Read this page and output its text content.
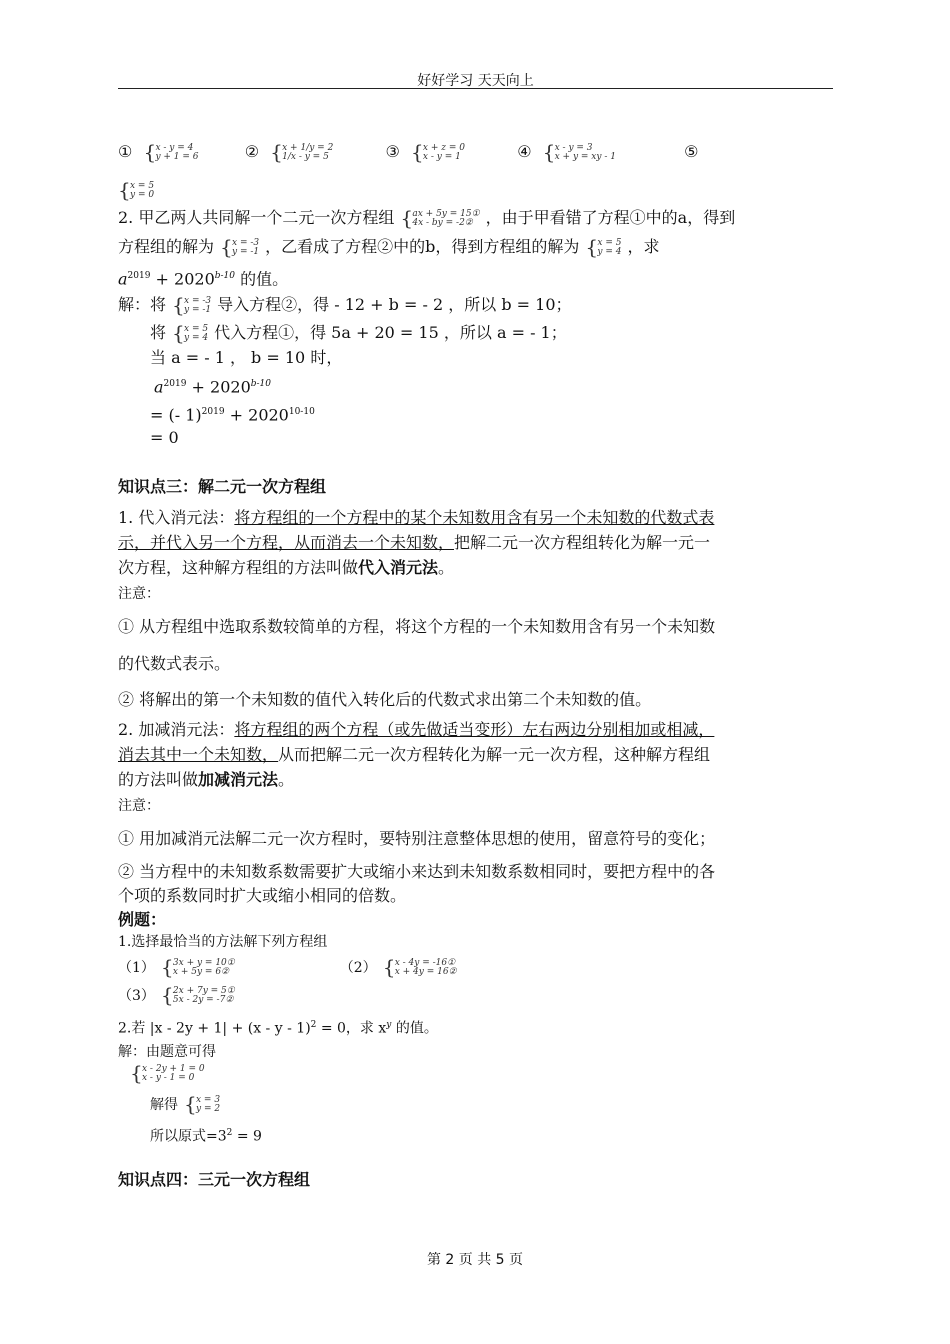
好好学习 天天向上
①	{ x - y = 4
y + 1 = 6	②	{ x + 1/y = 2
1/x - y = 5	③	{ x + z = 0
x - y = 1	④	{ x - y = 3
x + y = xy - 1	⑤
{ x = 5
y = 0
2. 甲乙两人共同解一个二元一次方程组 { ax + 5y = 15①
4x - by = -2② ，由于甲看错了方程①中的a，得到
方程组的解为 { x = -3
y = -1 ，乙看成了方程②中的b，得到方程组的解为 { x = 5
y = 4 ，求
$a^{2019} + 2020^{b-10}$ 的值。
解：将 { x = -3
y = -1 导入方程②，得 - 12 + b = - 2 ，所以 b = 10；
将 { x = 5
y = 4 代入方程①，得 5a + 20 = 15 ，所以 a = - 1；
当 a = - 1 ， b = 10 时，
$a^{2019} + 2020^{b-10}$
= (- $1)^{2019} + 2020^{10-10}$
= 0
知识点三：解二元一次方程组
1. 代入消元法：将方程组的一个方程中的某个未知数用含有另一个未知数的代数式表
示，并代入另一个方程，从而消去一个未知数，把解二元一次方程组转化为解一元一
次方程，这种解方程组的方法叫做代入消元法。
注意：
① 从方程组中选取系数较简单的方程，将这个方程的一个未知数用含有另一个未知数
的代数式表示。
② 将解出的第一个未知数的值代入转化后的代数式求出第二个未知数的值。
2. 加减消元法：将方程组的两个方程（或先做适当变形）左右两边分别相加或相减，
消去其中一个未知数，从而把解二元一次方程转化为解一元一次方程，这种解方程组
的方法叫做加减消元法。
注意：
① 用加减消元法解二元一次方程时，要特别注意整体思想的使用，留意符号的变化；
② 当方程中的未知数系数需要扩大或缩小来达到未知数系数相同时，要把方程中的各
个项的系数同时扩大或缩小相同的倍数。
例题：
1.选择最恰当的方法解下列方程组
（1） { 3x + y = 10①
x + 5y = 6②	（2） { x - 4y = -16①
x + 4y = 16②
（3） { 2x + 7y = 5①
5x - 2y = -7②
2.若 |x - 2y + 1| + (x - y - 1)$^2$ = 0，求 $x^y$ 的值。
解：由题意可得
{ x - 2y + 1 = 0
x - y - 1 = 0
解得 { x = 3
y = 2
所以原式$=3^2 = 9$
知识点四：三元一次方程组
第 2 页 共 5 页
